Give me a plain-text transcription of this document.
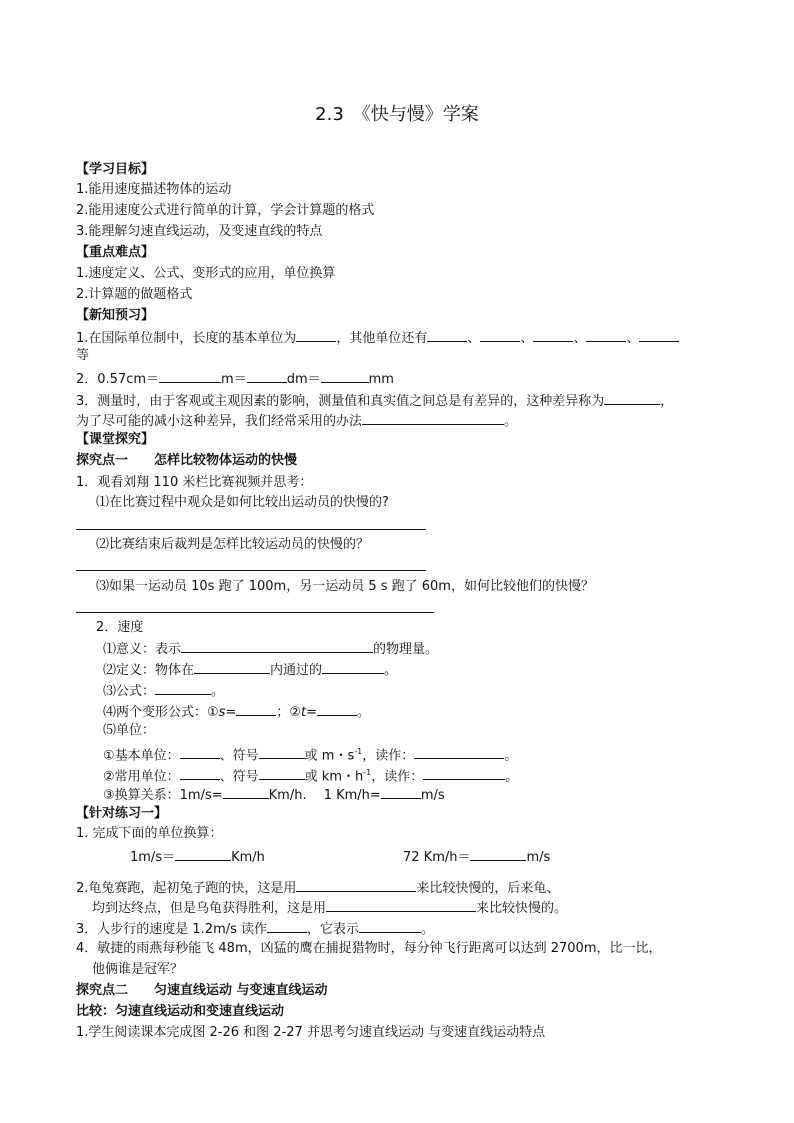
2.3　《快与慢》学案
【学习目标】
1.能用速度描述物体的运动
2.能用速度公式进行简单的计算，学会计算题的格式
3.能理解匀速直线运动，及变速直线的特点
【重点难点】
1.速度定义、公式、变形式的应用，单位换算
2.计算题的做题格式
【新知预习】
1.在国际单位制中，长度的基本单位为	，其他单位还有	、	、	、	、
等
2．0.57cm＝	m＝	dm＝	mm
3．测量时，由于客观或主观因素的影响，测量值和真实值之间总是有差异的，这种差异称为	，
为了尽可能的减小这种差异，我们经常采用的办法	。
【课堂探究】
探究点一　　怎样比较物体运动的快慢
1．观看刘翔 110 米栏比赛视频并思考：
⑴在比赛过程中观众是如何比较出运动员的快慢的?
⑵比赛结束后裁判是怎样比较运动员的快慢的？
⑶如果一运动员 10s 跑了 100m，另一运动员 5 s 跑了 60m，如何比较他们的快慢？
2．速度
⑴意义：表示	的物理量。
⑵定义：物体在	内通过的	。
⑶公式：	。
⑷两个变形公式：①s=	；②t=	。
⑸单位：
①基本单位：	、符号	或 m・$s^{-1}$，读作：	。
②常用单位：	、符号	或 km・$h^{-1}$，读作：	。
③换算关系：1m/s=	Km/h.　 1 Km/h=	m/s
【针对练习一】
1. 完成下面的单位换算：
1m/s＝	Km/h	72 Km/h＝	m/s
2.龟兔赛跑，起初兔子跑的快，这是用	来比较快慢的，后来龟、
均到达终点，但是乌龟获得胜利，这是用	来比较快慢的。
3．人步行的速度是 1.2m/s 读作	，它表示	。
4．敏捷的雨燕每秒能飞 48m，凶猛的鹰在捕捉猎物时，每分钟飞行距离可以达到 2700m，比一比，
他俩谁是冠军？
探究点二　　匀速直线运动 与变速直线运动
比较：匀速直线运动和变速直线运动
1.学生阅读课本完成图 2-26 和图 2-27 并思考匀速直线运动 与变速直线运动特点
